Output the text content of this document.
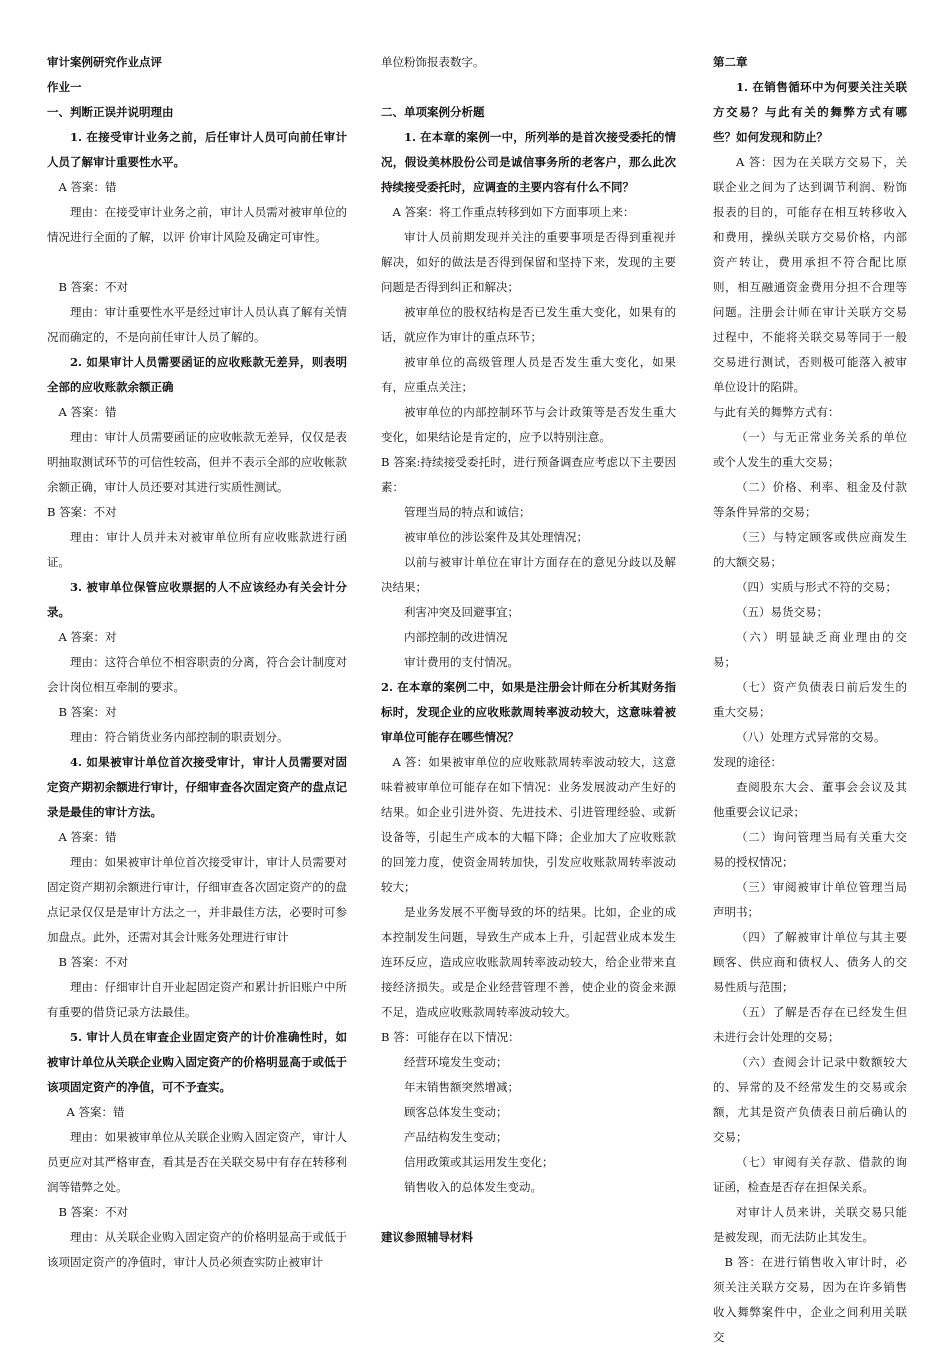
审计案例研究作业点评

作业一

一、判断正误并说明理由

1. 在接受审计业务之前，后任审计人员可向前任审计人员了解审计重要性水平。

A 答案：错

理由：在接受审计业务之前，审计人员需对被审单位的情况进行全面的了解，以评 价审计风险及确定可审性。

B 答案：不对

理由：审计重要性水平是经过审计人员认真了解有关情况而确定的，不是向前任审计人员了解的。

2. 如果审计人员需要函证的应收账款无差异，则表明全部的应收账款余额正确

A 答案：错

理由：审计人员需要函证的应收帐款无差异，仅仅是表明抽取测试环节的可信性较高，但并不表示全部的应收帐款余额正确，审计人员还要对其进行实质性测试。

B 答案：不对

理由：审计人员并未对被审单位所有应收账款进行函证。

3. 被审单位保管应收票据的人不应该经办有关会计分录。

A 答案：对

理由：这符合单位不相容职责的分离，符合会计制度对会计岗位相互牵制的要求。

B 答案：对

理由：符合销货业务内部控制的职责划分。

4. 如果被审计单位首次接受审计，审计人员需要对固定资产期初余额进行审计，仔细审查各次固定资产的盘点记录是最佳的审计方法。

A 答案：错

理由：如果被审计单位首次接受审计，审计人员需要对固定资产期初余额进行审计，仔细审查各次固定资产的的盘点记录仅仅是是审计方法之一，并非最佳方法，必要时可参加盘点。此外，还需对其会计账务处理进行审计

B 答案：不对

理由：仔细审计自开业起固定资产和累计折旧账户中所有重要的借贷记录方法最佳。

5. 审计人员在审查企业固定资产的计价准确性时，如被审计单位从关联企业购入固定资产的价格明显高于或低于该项固定资产的净值，可不予查实。

A 答案：错

理由：如果被审单位从关联企业购入固定资产，审计人员更应对其严格审查，看其是否在关联交易中有存在转移利润等错弊之处。

B 答案：不对

理由：从关联企业购入固定资产的价格明显高于或低于该项固定资产的净值时，审计人员必须查实防止被审计

单位粉饰报表数字。

二、单项案例分析题

1. 在本章的案例一中，所列举的是首次接受委托的情况，假设美林股份公司是诚信事务所的老客户，那么此次持续接受委托时，应调查的主要内容有什么不同？

A 答案：将工作重点转移到如下方面事项上来：

审计人员前期发现并关注的重要事项是否得到重视并解决，如好的做法是否得到保留和坚持下来，发现的主要问题是否得到纠正和解决；

被审单位的股权结构是否已发生重大变化，如果有的话，就应作为审计的重点环节；

被审单位的高级管理人员是否发生重大变化，如果有，应重点关注；

被审单位的内部控制环节与会计政策等是否发生重大变化，如果结论是肯定的，应予以特别注意。

B 答案:持续接受委托时，进行预备调查应考虑以下主要因素：

管理当局的特点和诚信；

被审单位的涉讼案件及其处理情况；

以前与被审计单位在审计方面存在的意见分歧以及解决结果；

利害冲突及回避事宜；

内部控制的改进情况

审计费用的支付情况。

2. 在本章的案例二中，如果是注册会计师在分析其财务指标时，发现企业的应收账款周转率波动较大，这意味着被审单位可能存在哪些情况？

A 答：如果被审单位的应收账款周转率波动较大，这意味着被审单位可能存在如下情况：业务发展波动产生好的结果。如企业引进外资、先进技术、引进管理经验、或新设备等，引起生产成本的大幅下降；企业加大了应收账款的回笼力度，使资金周转加快，引发应收账款周转率波动较大；

是业务发展不平衡导致的坏的结果。比如，企业的成本控制发生问题，导致生产成本上升，引起营业成本发生连环反应，造成应收账款周转率波动较大，给企业带来直接经济损失。或是企业经营管理不善，使企业的资金来源不足，造成应收账款周转率波动较大。

B 答：可能存在以下情况：

经营环境发生变动；

年末销售额突然增减；

顾客总体发生变动；

产品结构发生变动；

信用政策或其运用发生变化；

销售收入的总体发生变动。

建议参照辅导材料

第二章

1. 在销售循环中为何要关注关联方交易？与此有关的舞弊方式有哪些？如何发现和防止？

A 答：因为在关联方交易下，关联企业之间为了达到调节利润、粉饰报表的目的，可能存在相互转移收入和费用，操纵关联方交易价格，内部资产转让，费用承担不符合配比原则，相互融通资金费用分担不合理等问题。注册会计师在审计关联方交易过程中，不能将关联交易等同于一般交易进行测试，否则极可能落入被审单位设计的陷阱。

与此有关的舞弊方式有：

（一）与无正常业务关系的单位或个人发生的重大交易；

（二）价格、利率、租金及付款等条件异常的交易；

（三）与特定顾客或供应商发生的大额交易；

（四）实质与形式不符的交易；

（五）易货交易；

（六）明显缺乏商业理由的交易；

（七）资产负债表日前后发生的重大交易；

（八）处理方式异常的交易。

发现的途径：

查阅股东大会、董事会会议及其他重要会议记录；

（二）询问管理当局有关重大交易的授权情况；

（三）审阅被审计单位管理当局声明书；

（四）了解被审计单位与其主要顾客、供应商和债权人、债务人的交易性质与范围；

（五）了解是否存在已经发生但未进行会计处理的交易；

（六）查阅会计记录中数额较大的、异常的及不经常发生的交易或余额，尤其是资产负债表日前后确认的交易；

（七）审阅有关存款、借款的询证函，检查是否存在担保关系。

对审计人员来讲，关联交易只能是被发现，而无法防止其发生。

B 答：在进行销售收入审计时，必须关注关联方交易，因为在许多销售收入舞弊案件中，企业之间利用关联交
